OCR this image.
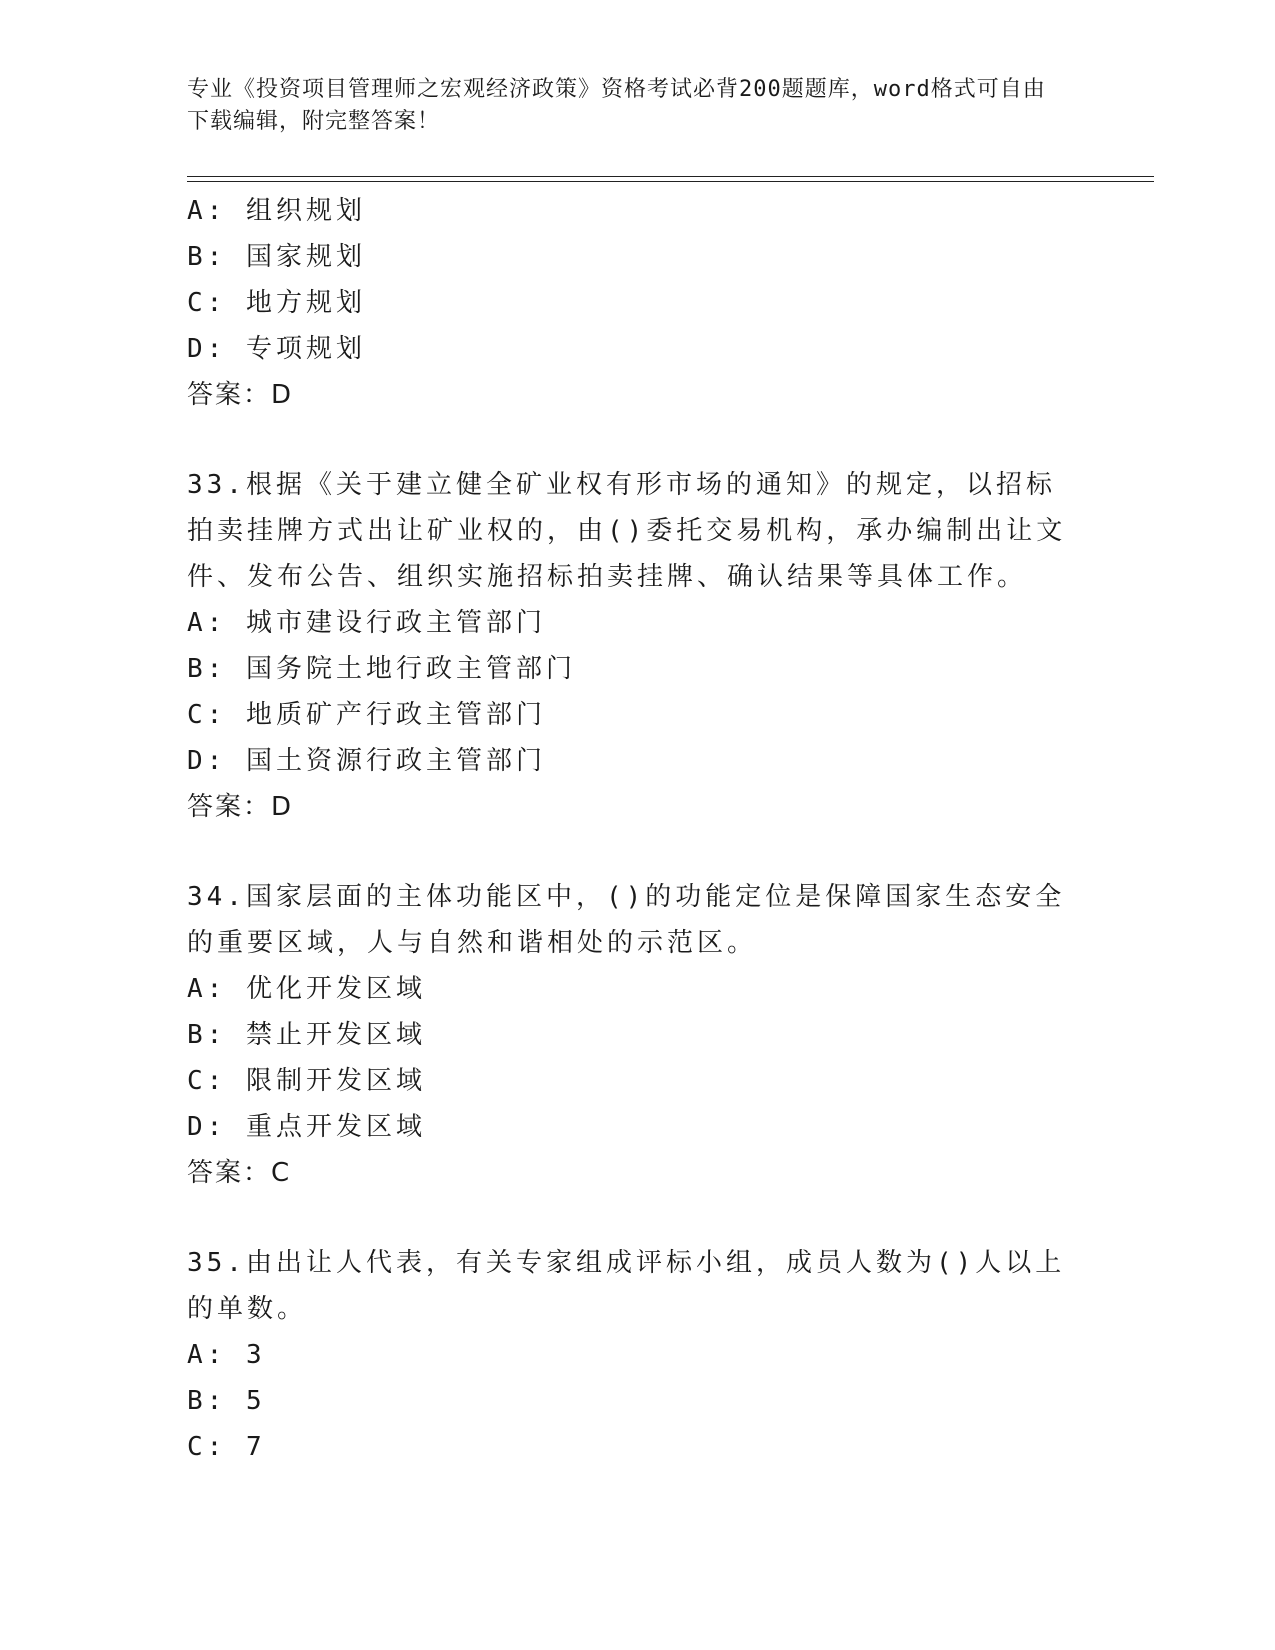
专业《投资项目管理师之宏观经济政策》资格考试必背200题题库，word格式可自由下载编辑，附完整答案！
A: 组织规划
B: 国家规划
C: 地方规划
D: 专项规划
答案：D
33.根据《关于建立健全矿业权有形市场的通知》的规定，以招标拍卖挂牌方式出让矿业权的，由()委托交易机构，承办编制出让文件、发布公告、组织实施招标拍卖挂牌、确认结果等具体工作。
A: 城市建设行政主管部门
B: 国务院土地行政主管部门
C: 地质矿产行政主管部门
D: 国土资源行政主管部门
答案：D
34.国家层面的主体功能区中，()的功能定位是保障国家生态安全的重要区域，人与自然和谐相处的示范区。
A: 优化开发区域
B: 禁止开发区域
C: 限制开发区域
D: 重点开发区域
答案：C
35.由出让人代表，有关专家组成评标小组，成员人数为()人以上的单数。
A: 3
B: 5
C: 7
